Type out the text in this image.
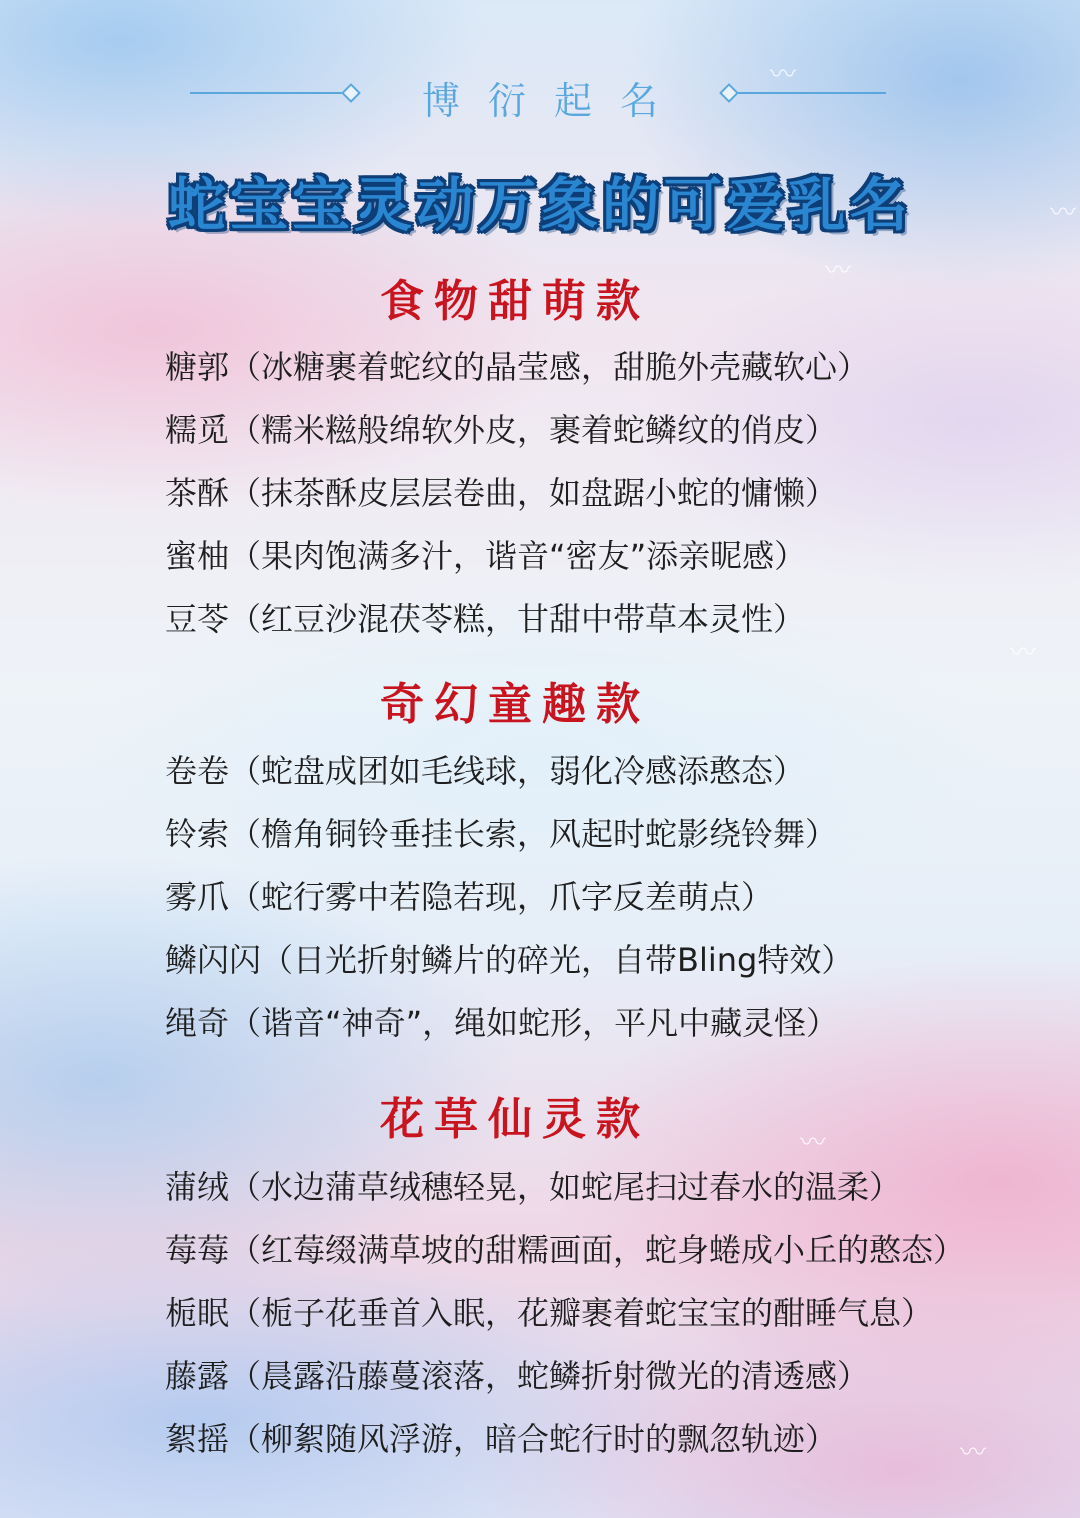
〰
〰
〰
〰
〰
〰
博衍起名
蛇宝宝灵动万象的可爱乳名
食物甜萌款
糖郭（冰糖裹着蛇纹的晶莹感，甜脆外壳藏软心）
糯觅（糯米糍般绵软外皮，裹着蛇鳞纹的俏皮）
茶酥（抹茶酥皮层层卷曲，如盘踞小蛇的慵懒）
蜜柚（果肉饱满多汁，谐音“密友”添亲昵感）
豆苓（红豆沙混茯苓糕，甘甜中带草本灵性）
奇幻童趣款
卷卷（蛇盘成团如毛线球，弱化冷感添憨态）
铃索（檐角铜铃垂挂长索，风起时蛇影绕铃舞）
雾爪（蛇行雾中若隐若现，爪字反差萌点）
鳞闪闪（日光折射鳞片的碎光，自带Bling特效）
绳奇（谐音“神奇”，绳如蛇形，平凡中藏灵怪）
花草仙灵款
蒲绒（水边蒲草绒穗轻晃，如蛇尾扫过春水的温柔）
莓莓（红莓缀满草坡的甜糯画面，蛇身蜷成小丘的憨态）
栀眠（栀子花垂首入眠，花瓣裹着蛇宝宝的酣睡气息）
藤露（晨露沿藤蔓滚落，蛇鳞折射微光的清透感）
絮摇（柳絮随风浮游，暗合蛇行时的飘忽轨迹）
